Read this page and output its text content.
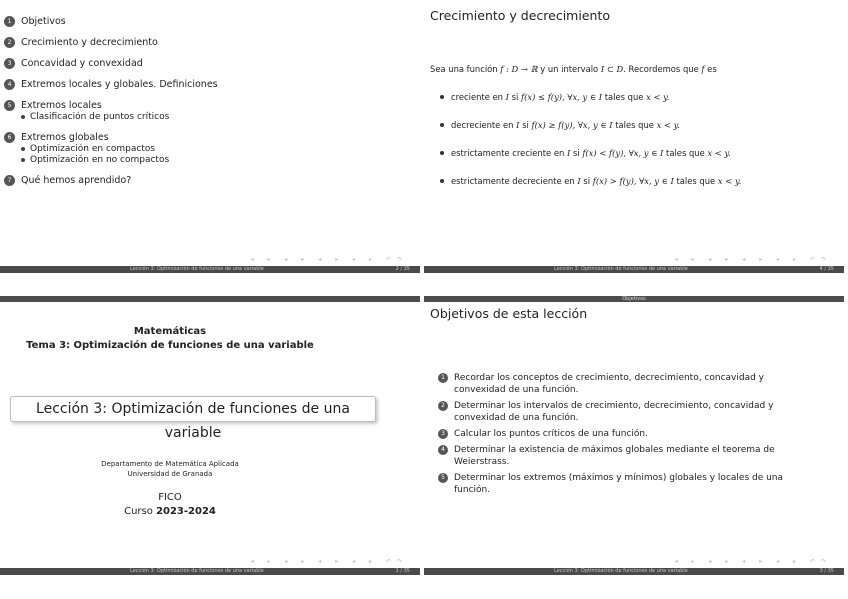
1	Objetivos
2	Crecimiento y decrecimiento
3	Concavidad y convexidad
4	Extremos locales y globales. Definiciones
5	Extremos locales
Clasificación de puntos críticos
6	Extremos globales
Optimización en compactos
Optimización en no compactos
7	Qué hemos aprendido?
◂ ▸ ◂ ▸ ◂ ▸ ◂ ▸ ↶↷
Lección 3: Optimización de funciones de una variable	2 / 35
Crecimiento y decrecimiento
Sea una función f : D → ℝ y un intervalo I ⊂ D. Recordemos que f es
creciente en I si f(x) ≤ f(y), ∀x, y ∈ I tales que x < y.
decreciente en I si f(x) ≥ f(y), ∀x, y ∈ I tales que x < y.
estrictamente creciente en I si f(x) < f(y), ∀x, y ∈ I tales que x < y.
estrictamente decreciente en I si f(x) > f(y), ∀x, y ∈ I tales que x < y.
◂ ▸ ◂ ▸ ◂ ▸ ◂ ▸ ↶↷
Lección 3: Optimización de funciones de una variable	4 / 35
Matemáticas
Tema 3: Optimización de funciones de una variable
Lección 3: Optimización de funciones de una variable
Departamento de Matemática Aplicada
Universidad de Granada
FICO
Curso 2023-2024
◂ ▸ ◂ ▸ ◂ ▸ ◂ ▸ ↶↷
Lección 3: Optimización de funciones de una variable	1 / 35
Objetivos
Objetivos de esta lección
1	Recordar los conceptos de crecimiento, decrecimiento, concavidad y convexidad de una función.
2	Determinar los intervalos de crecimiento, decrecimiento, concavidad y convexidad de una función.
3	Calcular los puntos críticos de una función.
4	Determinar la existencia de máximos globales mediante el teorema de Weierstrass.
5	Determinar los extremos (máximos y mínimos) globales y locales de una función.
◂ ▸ ◂ ▸ ◂ ▸ ◂ ▸ ↶↷
Lección 3: Optimización de funciones de una variable	3 / 35
